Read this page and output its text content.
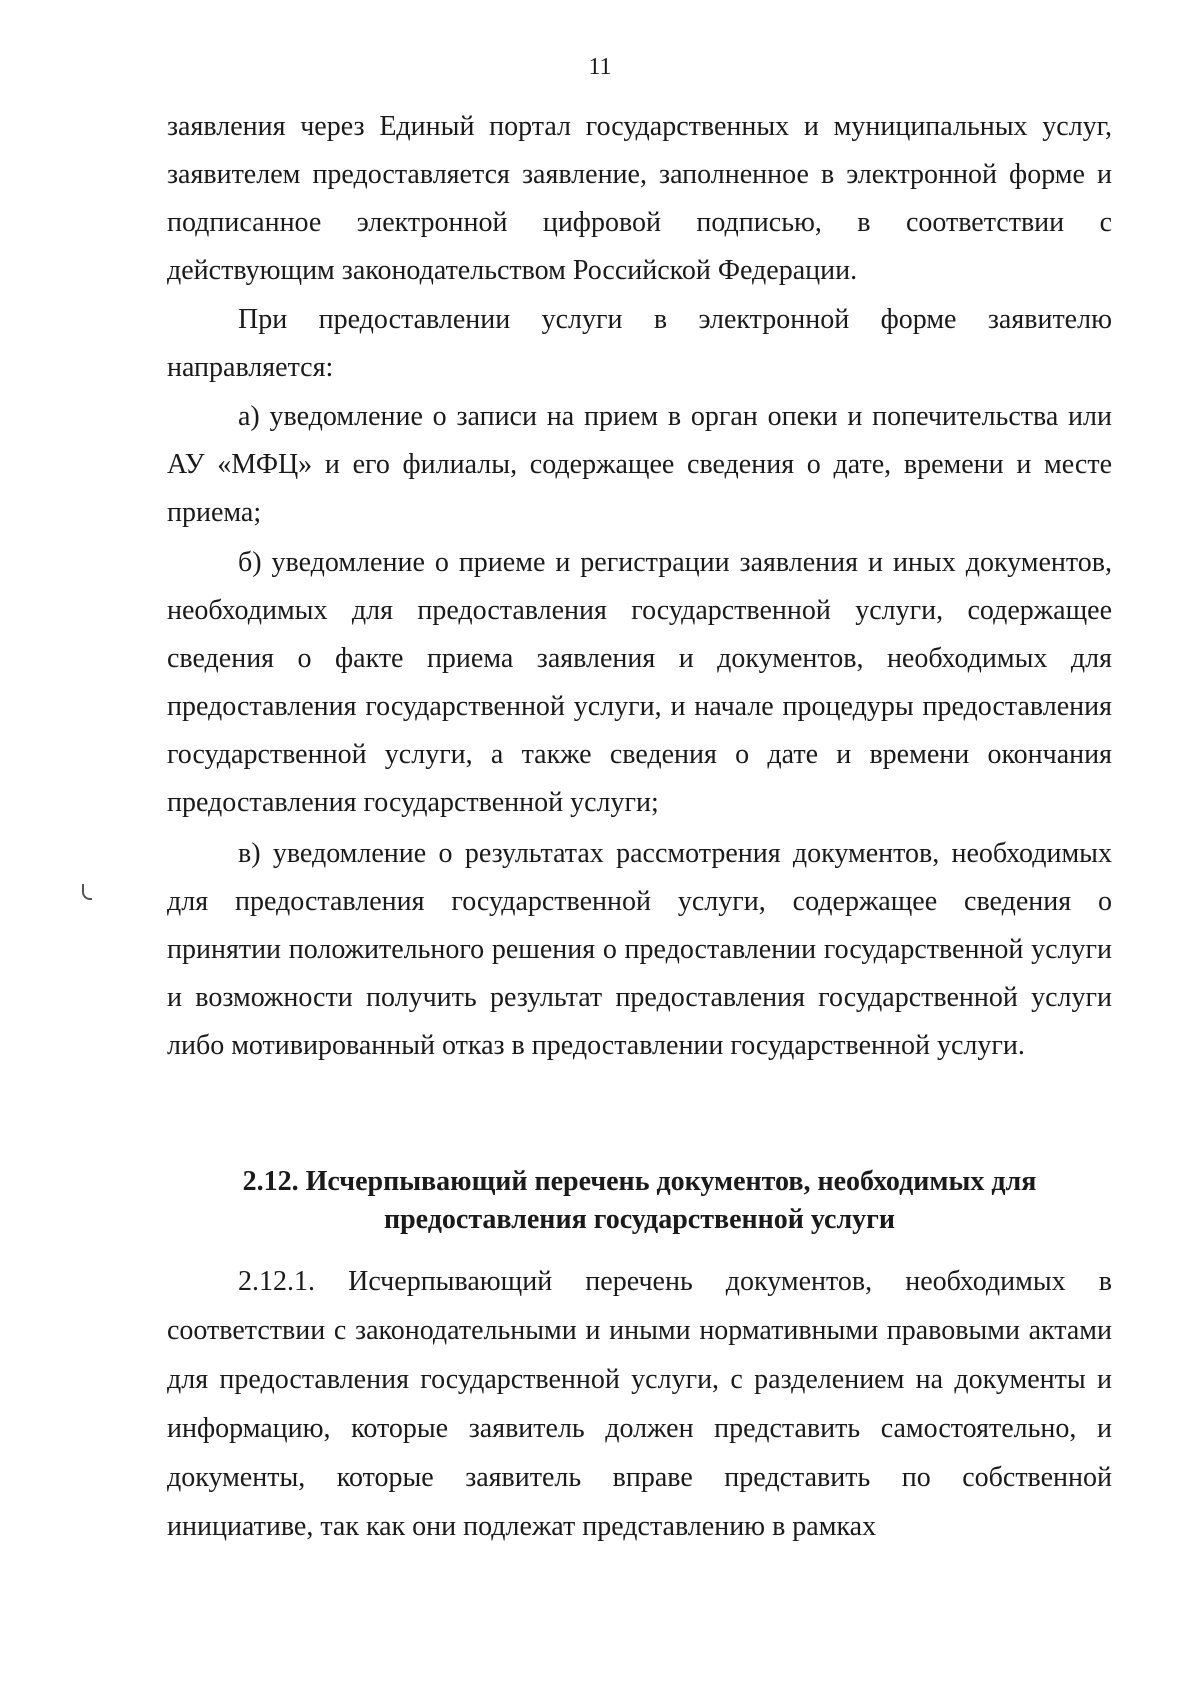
11

заявления через Единый портал государственных и муниципальных услуг, заявителем предоставляется заявление, заполненное в электронной форме и подписанное электронной цифровой подписью, в соответствии с действующим законодательством Российской Федерации.

При предоставлении услуги в электронной форме заявителю направляется:

а) уведомление о записи на прием в орган опеки и попечительства или АУ «МФЦ» и его филиалы, содержащее сведения о дате, времени и месте приема;

б) уведомление о приеме и регистрации заявления и иных документов, необходимых для предоставления государственной услуги, содержащее сведения о факте приема заявления и документов, необходимых для предоставления государственной услуги, и начале процедуры предоставления государственной услуги, а также сведения о дате и времени окончания предоставления государственной услуги;

в) уведомление о результатах рассмотрения документов, необходимых для предоставления государственной услуги, содержащее сведения о принятии положительного решения о предоставлении государственной услуги и возможности получить результат предоставления государственной услуги либо мотивированный отказ в предоставлении государственной услуги.

2.12. Исчерпывающий перечень документов, необходимых для
предоставления государственной услуги

2.12.1. Исчерпывающий перечень документов, необходимых в соответствии с законодательными и иными нормативными правовыми актами для предоставления государственной услуги, с разделением на документы и информацию, которые заявитель должен представить самостоятельно, и документы, которые заявитель вправе представить по собственной инициативе, так как они подлежат представлению в рамках
